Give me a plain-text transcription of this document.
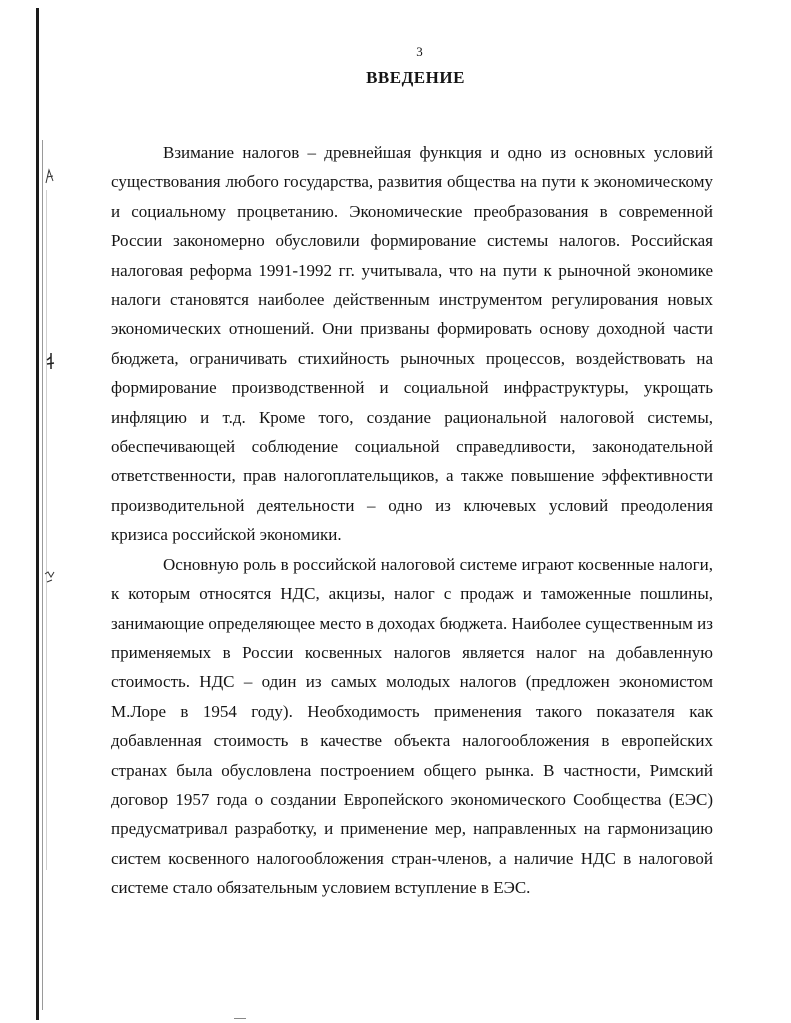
3
ВВЕДЕНИЕ

Взимание налогов – древнейшая функция и одно из основных условий существования любого государства, развития общества на пути к экономическому и социальному процветанию. Экономические преобразования в современной России закономерно обусловили формирование системы налогов. Российская налоговая реформа 1991-1992 гг. учитывала, что на пути к рыночной экономике налоги становятся наиболее действенным инструментом регулирования новых экономических отношений. Они призваны формировать основу доходной части бюджета, ограничивать стихийность рыночных процессов, воздействовать на формирование производственной и социальной инфраструктуры, укрощать инфляцию и т.д. Кроме того, создание рациональной налоговой системы, обеспечивающей соблюдение социальной справедливости, законодательной ответственности, прав налогоплательщиков, а также повышение эффективности производительной деятельности – одно из ключевых условий преодоления кризиса российской экономики.

Основную роль в российской налоговой системе играют косвенные налоги, к которым относятся НДС, акцизы, налог с продаж и таможенные пошлины, занимающие определяющее место в доходах бюджета. Наиболее существенным из применяемых в России косвенных налогов является налог на добавленную стоимость. НДС – один из самых молодых налогов (предложен экономистом М.Лоре в 1954 году). Необходимость применения такого показателя как добавленная стоимость в качестве объекта налогообложения в европейских странах была обусловлена построением общего рынка. В частности, Римский договор 1957 года о создании Европейского экономического Сообщества (ЕЭС) предусматривал разработку, и применение мер, направленных на гармонизацию систем косвенного налогообложения стран-членов, а наличие НДС в налоговой системе стало обязательным условием вступление в ЕЭС.
